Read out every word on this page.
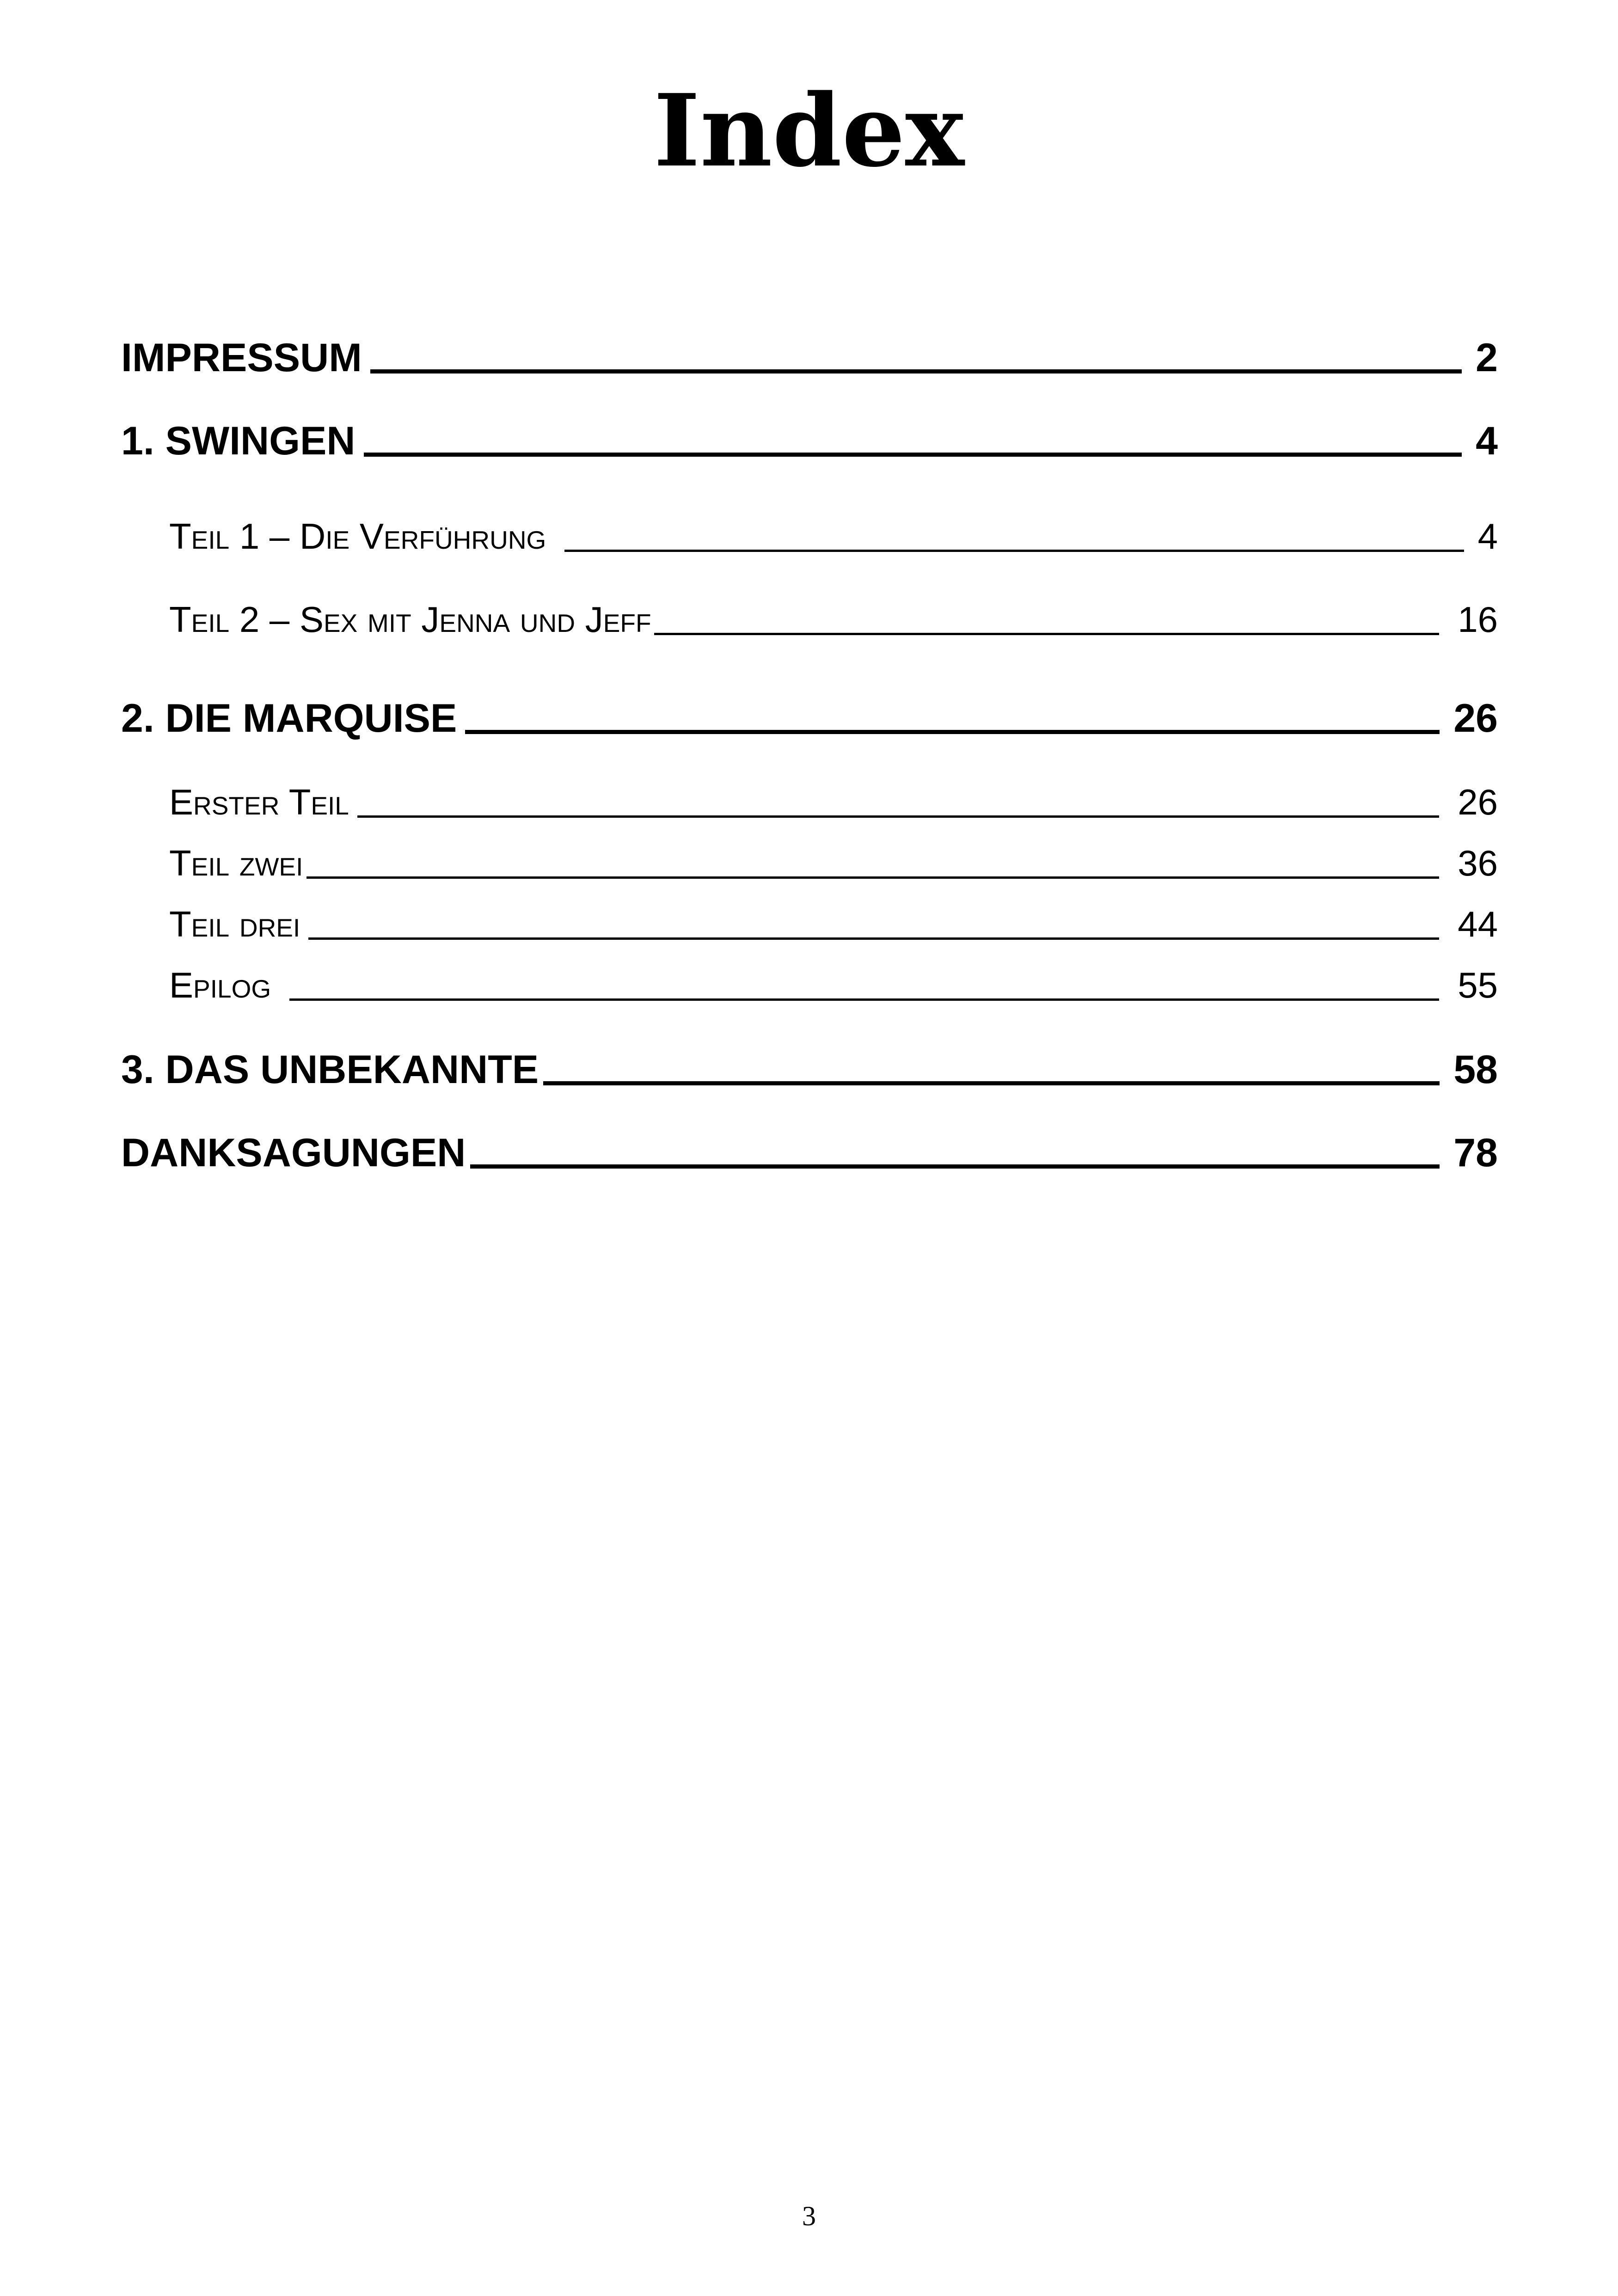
Index
IMPRESSUM	2
1. SWINGEN	4
Teil 1 – Die Verführung	4
Teil 2 – Sex mit Jenna und Jeff	16
2. DIE MARQUISE	26
Erster Teil	26
Teil zwei	36
Teil drei	44
Epilog	55
3. DAS UNBEKANNTE	58
DANKSAGUNGEN	78
3
